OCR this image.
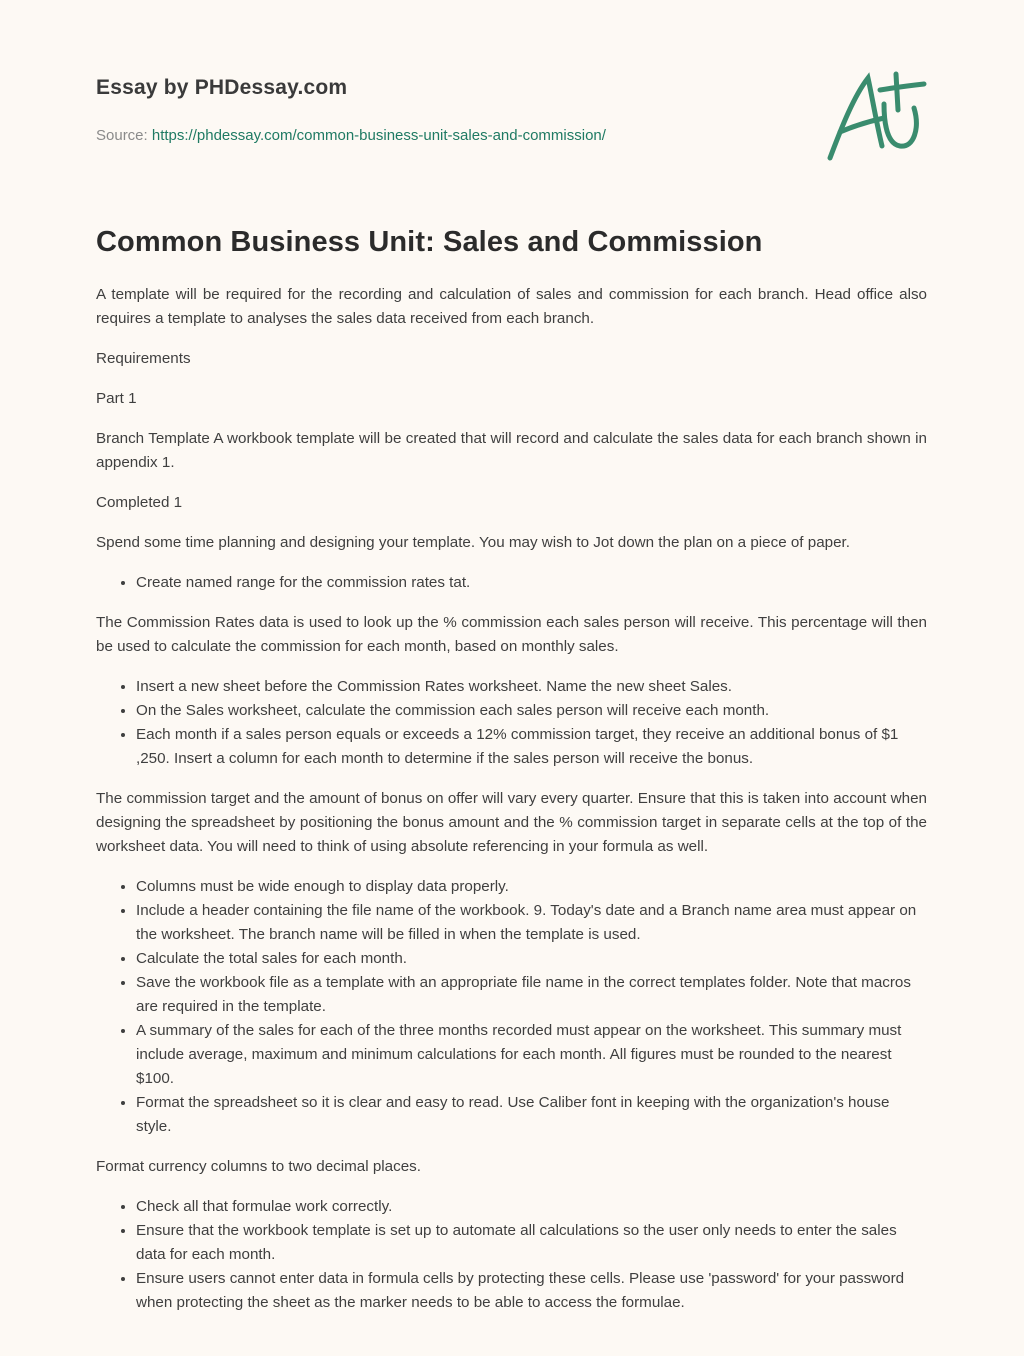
Essay by PHDessay.com
Source: https://phdessay.com/common-business-unit-sales-and-commission/
Common Business Unit: Sales and Commission

A template will be required for the recording and calculation of sales and commission for each branch. Head office also requires a template to analyses the sales data received from each branch.

Requirements

Part 1

Branch Template A workbook template will be created that will record and calculate the sales data for each branch shown in appendix 1.

Completed 1

Spend some time planning and designing your template. You may wish to Jot down the plan on a piece of paper.

• Create named range for the commission rates tat.

The Commission Rates data is used to look up the % commission each sales person will receive. This percentage will then be used to calculate the commission for each month, based on monthly sales.

• Insert a new sheet before the Commission Rates worksheet. Name the new sheet Sales.
• On the Sales worksheet, calculate the commission each sales person will receive each month.
• Each month if a sales person equals or exceeds a 12% commission target, they receive an additional bonus of $1 ,250. Insert a column for each month to determine if the sales person will receive the bonus.

The commission target and the amount of bonus on offer will vary every quarter. Ensure that this is taken into account when designing the spreadsheet by positioning the bonus amount and the % commission target in separate cells at the top of the worksheet data. You will need to think of using absolute referencing in your formula as well.

• Columns must be wide enough to display data properly.
• Include a header containing the file name of the workbook. 9. Today's date and a Branch name area must appear on the worksheet. The branch name will be filled in when the template is used.
• Calculate the total sales for each month.
• Save the workbook file as a template with an appropriate file name in the correct templates folder. Note that macros are required in the template.
• A summary of the sales for each of the three months recorded must appear on the worksheet. This summary must include average, maximum and minimum calculations for each month. All figures must be rounded to the nearest $100.
• Format the spreadsheet so it is clear and easy to read. Use Caliber font in keeping with the organization's house style.

Format currency columns to two decimal places.

• Check all that formulae work correctly.
• Ensure that the workbook template is set up to automate all calculations so the user only needs to enter the sales data for each month.
• Ensure users cannot enter data in formula cells by protecting these cells. Please use 'password' for your password when protecting the sheet as the marker needs to be able to access the formulae.
